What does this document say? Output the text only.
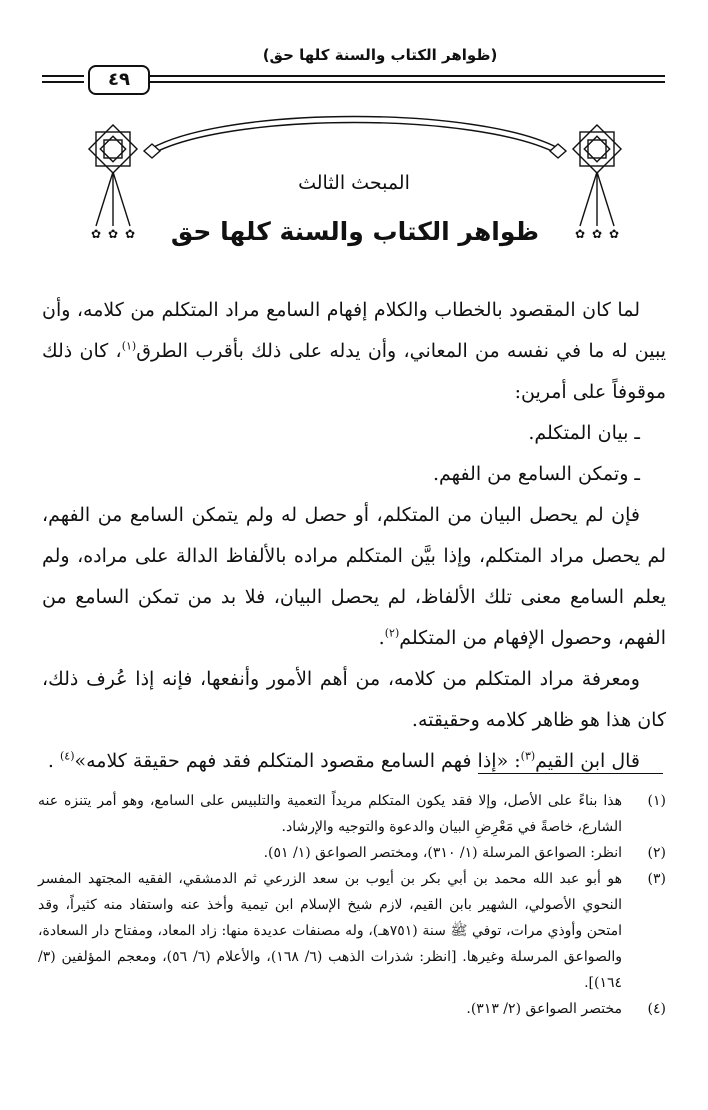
(ظواهر الكتاب والسنة كلها حق)
٤٩
✿ ✿ ✿	✿ ✿ ✿
المبحث الثالث
ظواهر الكتاب والسنة كلها حق

لما كان المقصود بالخطاب والكلام إفهام السامع مراد المتكلم من كلامه، وأن يبين له ما في نفسه من المعاني، وأن يدله على ذلك بأقرب الطرق$^{(١)}$، كان ذلك موقوفاً على أمرين:

ـ بيان المتكلم.

ـ وتمكن السامع من الفهم.

فإن لم يحصل البيان من المتكلم، أو حصل له ولم يتمكن السامع من الفهم، لم يحصل مراد المتكلم، وإذا بيَّن المتكلم مراده بالألفاظ الدالة على مراده، ولم يعلم السامع معنى تلك الألفاظ، لم يحصل البيان، فلا بد من تمكن السامع من الفهم، وحصول الإفهام من المتكلم$^{(٢)}$.

ومعرفة مراد المتكلم من كلامه، من أهم الأمور وأنفعها، فإنه إذا عُرف ذلك، كان هذا هو ظاهر كلامه وحقيقته.

قال ابن القيم$^{(٣)}$: «إذا فهم السامع مقصود المتكلم فقد فهم حقيقة كلامه»$^{(٤)}$ .

(١)
هذا بناءً على الأصل، وإلا فقد يكون المتكلم مريداً التعمية والتلبيس على السامع، وهو أمر يتنزه عنه الشارع، خاصةً في مَعْرِضِ البيان والدعوة والتوجيه والإرشاد.
(٢)
انظر: الصواعق المرسلة (١/ ٣١٠)، ومختصر الصواعق (١/ ٥١).
(٣)
هو أبو عبد الله محمد بن أبي بكر بن أيوب بن سعد الزرعي ثم الدمشقي، الفقيه المجتهد المفسر النحوي الأصولي، الشهير بابن القيم، لازم شيخ الإسلام ابن تيمية وأخذ عنه واستفاد منه كثيراً، وقد امتحن وأوذي مرات، توفي ﷺ سنة (٧٥١هـ)، وله مصنفات عديدة منها: زاد المعاد، ومفتاح دار السعادة، والصواعق المرسلة وغيرها. [انظر: شذرات الذهب (٦/ ١٦٨)، والأعلام (٦/ ٥٦)، ومعجم المؤلفين (٣/ ١٦٤)].
(٤)
مختصر الصواعق (٢/ ٣١٣).
